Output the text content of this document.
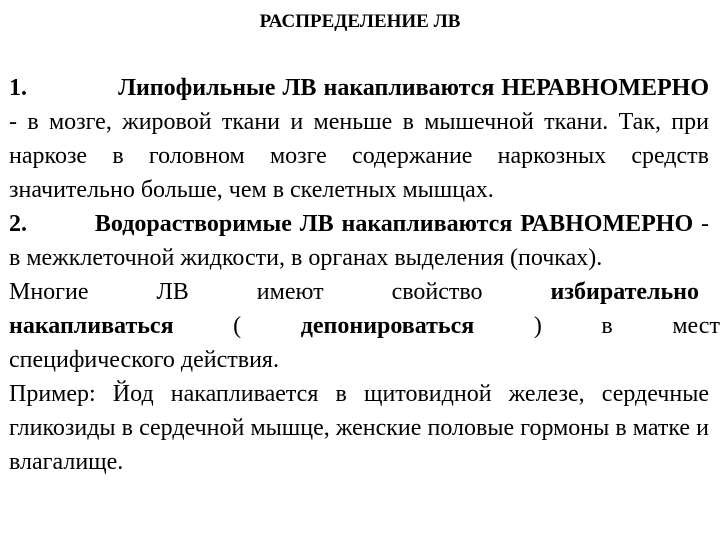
РАСПРЕДЕЛЕНИЕ ЛВ

1.	Липофильные ЛВ накапливаются НЕРАВНОМЕРНО - в мозге, жировой ткани и меньше в мышечной ткани. Так, при наркозе в головном мозге содержание наркозных средств значительно больше, чем в скелетных мышцах.

2.	Водорастворимые ЛВ накапливаются РАВНОМЕРНО - в межклеточной жидкости, в органах выделения (почках).

Многие	ЛВ	имеют	свойство	избирательно
накапливаться ( депонироваться ) в мест
специфического действия.

Пример: Йод накапливается в щитовидной железе, сердечные гликозиды в сердечной мышце, женские половые гормоны в матке и влагалище.
